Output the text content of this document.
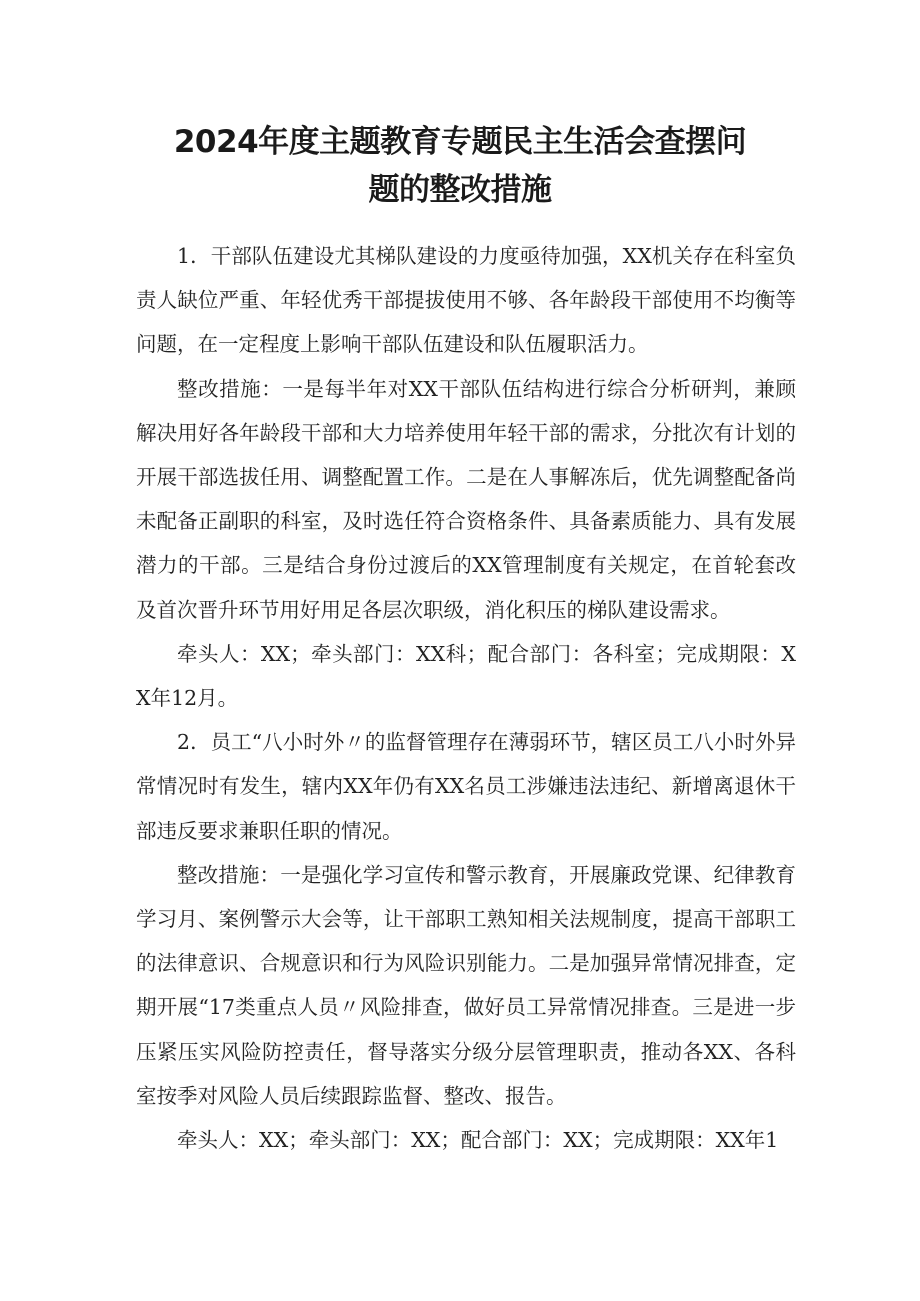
2024年度主题教育专题民主生活会查摆问
题的整改措施

1．干部队伍建设尤其梯队建设的力度亟待加强，XX机关存在科室负责人缺位严重、年轻优秀干部提拔使用不够、各年龄段干部使用不均衡等问题，在一定程度上影响干部队伍建设和队伍履职活力。

整改措施：一是每半年对XX干部队伍结构进行综合分析研判，兼顾解决用好各年龄段干部和大力培养使用年轻干部的需求，分批次有计划的开展干部选拔任用、调整配置工作。二是在人事解冻后，优先调整配备尚未配备正副职的科室，及时选任符合资格条件、具备素质能力、具有发展潜力的干部。三是结合身份过渡后的XX管理制度有关规定，在首轮套改及首次晋升环节用好用足各层次职级，消化积压的梯队建设需求。

牵头人：XX；牵头部门：XX科；配合部门：各科室；完成期限：XX年12月。

2．员工“八小时外〃的监督管理存在薄弱环节，辖区员工八小时外异常情况时有发生，辖内XX年仍有XX名员工涉嫌违法违纪、新增离退休干部违反要求兼职任职的情况。

整改措施：一是强化学习宣传和警示教育，开展廉政党课、纪律教育学习月、案例警示大会等，让干部职工熟知相关法规制度，提高干部职工的法律意识、合规意识和行为风险识别能力。二是加强异常情况排查，定期开展“17类重点人员〃风险排查，做好员工异常情况排查。三是进一步压紧压实风险防控责任，督导落实分级分层管理职责，推动各XX、各科室按季对风险人员后续跟踪监督、整改、报告。

牵头人：XX；牵头部门：XX；配合部门：XX；完成期限：XX年1
